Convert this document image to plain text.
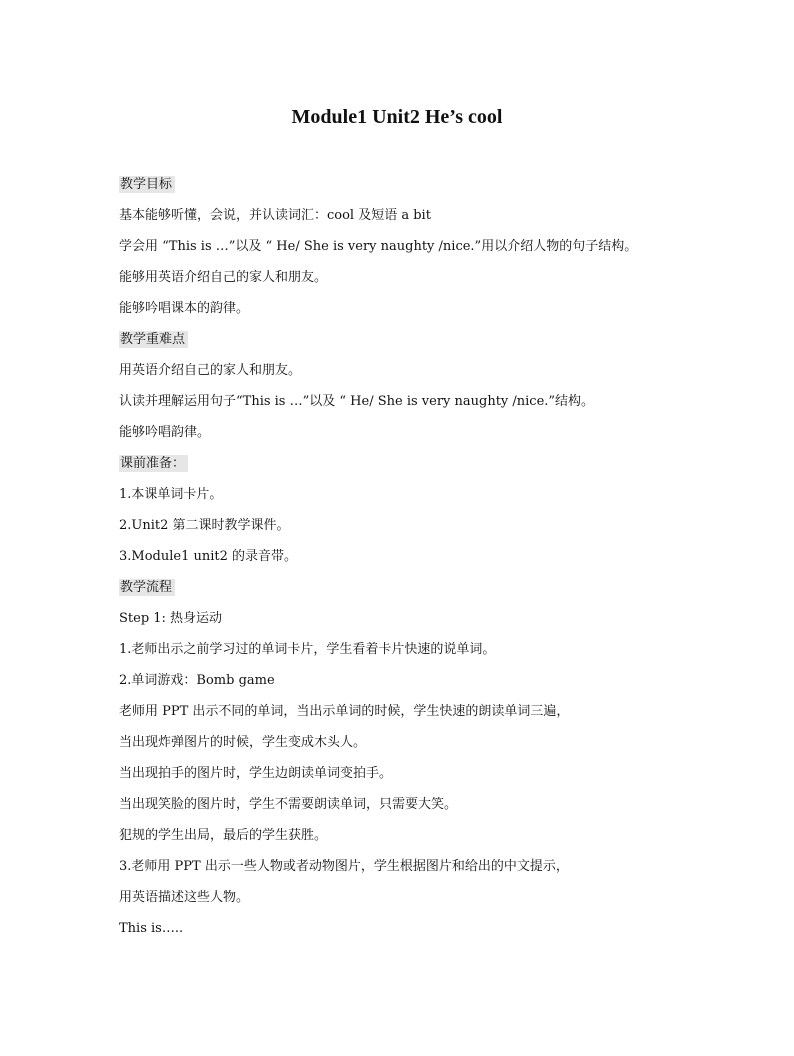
Module1 Unit2 He’s cool
教学目标
基本能够听懂，会说，并认读词汇：cool 及短语 a bit
学会用 “This is …”以及 “ He/ She is very naughty /nice.”用以介绍人物的句子结构。
能够用英语介绍自己的家人和朋友。
能够吟唱课本的韵律。
教学重难点
用英语介绍自己的家人和朋友。
认读并理解运用句子“This is …”以及 “ He/ She is very naughty /nice.”结构。
能够吟唱韵律。
课前准备：
1.本课单词卡片。
2.Unit2 第二课时教学课件。
3.Module1 unit2 的录音带。
教学流程
Step 1: 热身运动
1.老师出示之前学习过的单词卡片，学生看着卡片快速的说单词。
2.单词游戏：Bomb game
老师用 PPT 出示不同的单词，当出示单词的时候，学生快速的朗读单词三遍，
当出现炸弹图片的时候，学生变成木头人。
当出现拍手的图片时，学生边朗读单词变拍手。
当出现笑脸的图片时，学生不需要朗读单词，只需要大笑。
犯规的学生出局，最后的学生获胜。
3.老师用 PPT 出示一些人物或者动物图片，学生根据图片和给出的中文提示，
用英语描述这些人物。
This is…..
